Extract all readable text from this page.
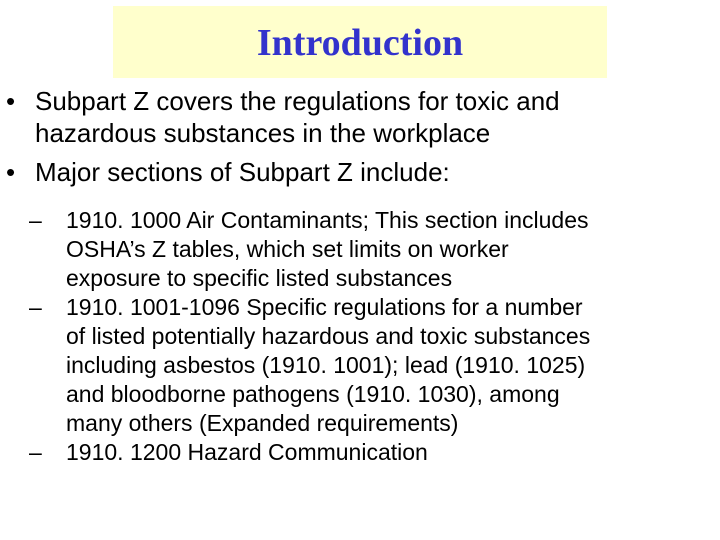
Introduction
• Subpart Z covers the regulations for toxic and
hazardous substances in the workplace
• Major sections of Subpart Z include:
– 1910. 1000 Air Contaminants; This section includes
OSHA’s Z tables, which set limits on worker
exposure to specific listed substances
– 1910. 1001-1096 Specific regulations for a number
of listed potentially hazardous and toxic substances
including asbestos (1910. 1001); lead (1910. 1025)
and bloodborne pathogens (1910. 1030), among
many others (Expanded requirements)
– 1910. 1200 Hazard Communication
